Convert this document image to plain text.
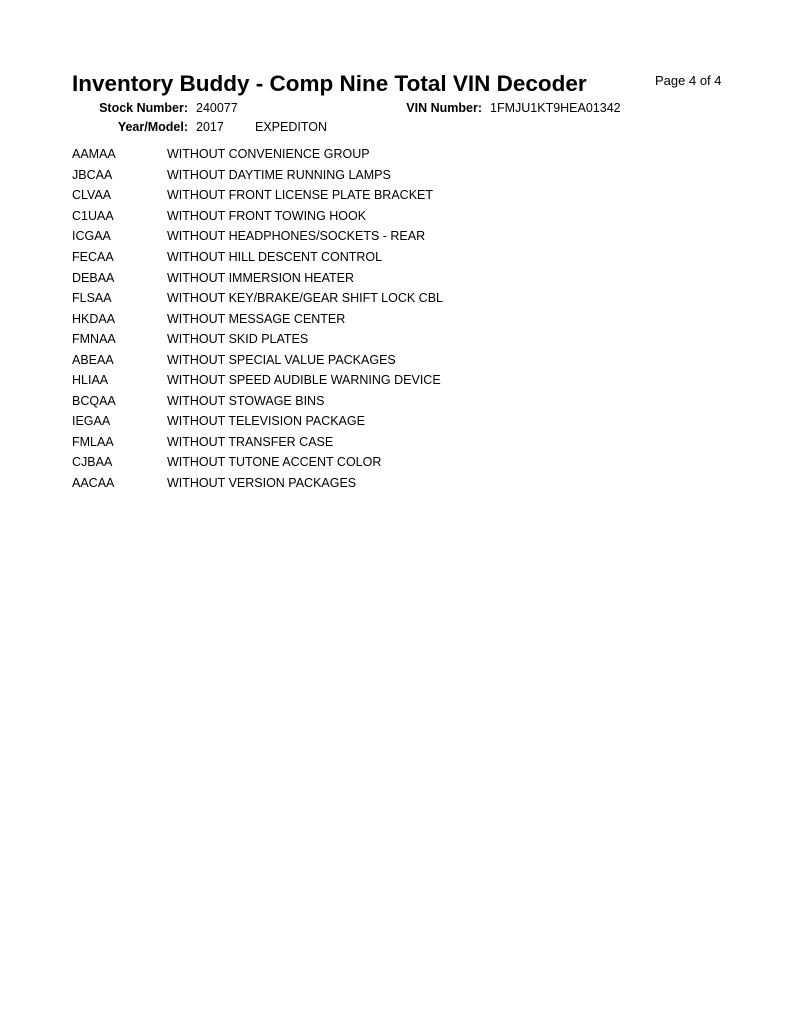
Inventory Buddy - Comp Nine Total VIN Decoder	Page 4 of 4
Stock Number: 240077	VIN Number: 1FMJU1KT9HEA01342
Year/Model: 2017 EXPEDITON
AAMAA	WITHOUT CONVENIENCE GROUP
JBCAA	WITHOUT DAYTIME RUNNING LAMPS
CLVAA	WITHOUT FRONT LICENSE PLATE BRACKET
C1UAA	WITHOUT FRONT TOWING HOOK
ICGAA	WITHOUT HEADPHONES/SOCKETS - REAR
FECAA	WITHOUT HILL DESCENT CONTROL
DEBAA	WITHOUT IMMERSION HEATER
FLSAA	WITHOUT KEY/BRAKE/GEAR SHIFT LOCK CBL
HKDAA	WITHOUT MESSAGE CENTER
FMNAA	WITHOUT SKID PLATES
ABEAA	WITHOUT SPECIAL VALUE PACKAGES
HLIAA	WITHOUT SPEED AUDIBLE WARNING DEVICE
BCQAA	WITHOUT STOWAGE BINS
IEGAA	WITHOUT TELEVISION PACKAGE
FMLAA	WITHOUT TRANSFER CASE
CJBAA	WITHOUT TUTONE ACCENT COLOR
AACAA	WITHOUT VERSION PACKAGES
